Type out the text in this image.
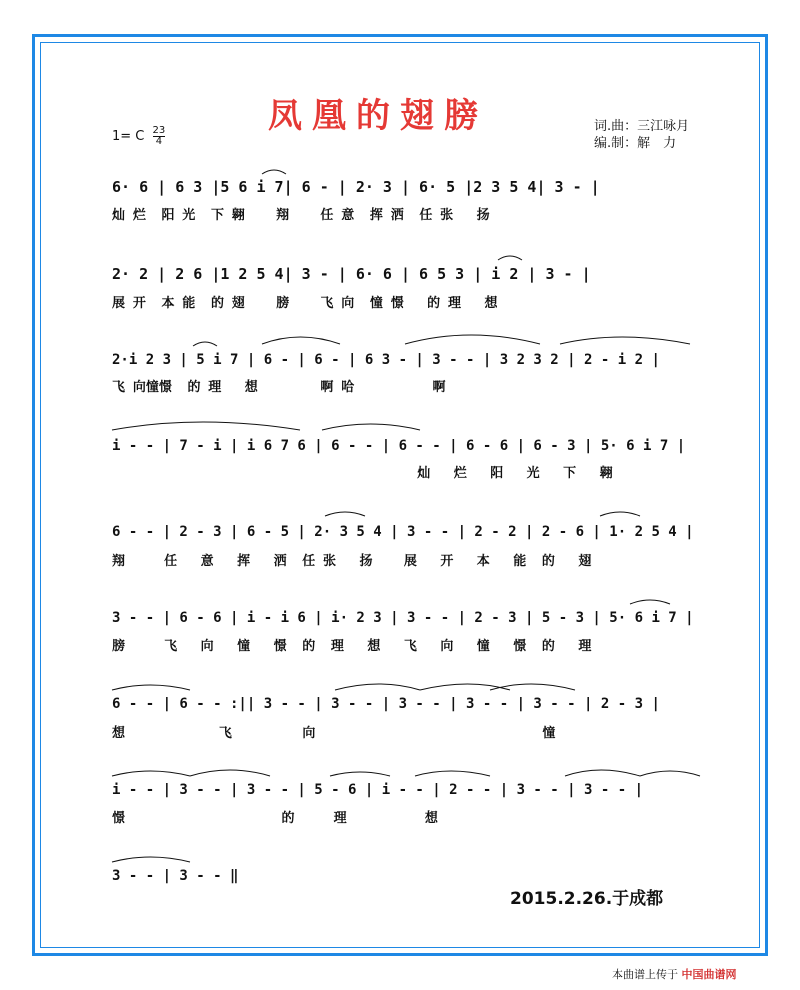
凤凰的翅膀	词.曲：三江咏月
编.制：解　力
1= C $\frac{23}{4}$
6· 6 | 6 3 |5 6 i 7| 6 - | 2· 3 | 6· 5 |2 3 5 4| 3 - |
灿 烂  阳 光  下 翱    翔    任 意  挥 洒  任 张   扬
2· 2 | 2 6 |1 2 5 4| 3 - | 6· 6 | 6 5 3 | i 2 | 3 - |
展 开  本 能  的 翅    膀    飞 向  憧 憬   的 理   想
2·i 2 3 | 5 i 7 | 6 - | 6 - | 6 3 - | 3 - - | 3 2 3 2 | 2 - i 2 |
飞 向憧憬  的 理   想        啊 哈          啊
i - - | 7 - i | i 6 7 6 | 6 - - | 6 - - | 6 - 6 | 6 - 3 | 5· 6 i 7 |
灿   烂   阳   光   下   翱
6 - - | 2 - 3 | 6 - 5 | 2· 3 5 4 | 3 - - | 2 - 2 | 2 - 6 | 1· 2 5 4 |
翔     任   意   挥   洒  任 张   扬    展   开   本   能  的   翅
3 - - | 6 - 6 | i - i 6 | i· 2 3 | 3 - - | 2 - 3 | 5 - 3 | 5· 6 i 7 |
膀     飞   向   憧   憬  的  理   想   飞   向   憧   憬  的   理
6 - - | 6 - - :|| 3 - - | 3 - - | 3 - - | 3 - - | 3 - - | 2 - 3 |
想            飞         向                             憧
i - - | 3 - - | 3 - - | 5 - 6 | i - - | 2 - - | 3 - - | 3 - - |
憬                    的     理          想
3 - - | 3 - - ‖
2015.2.26.于成都
本曲谱上传于 中国曲谱网
